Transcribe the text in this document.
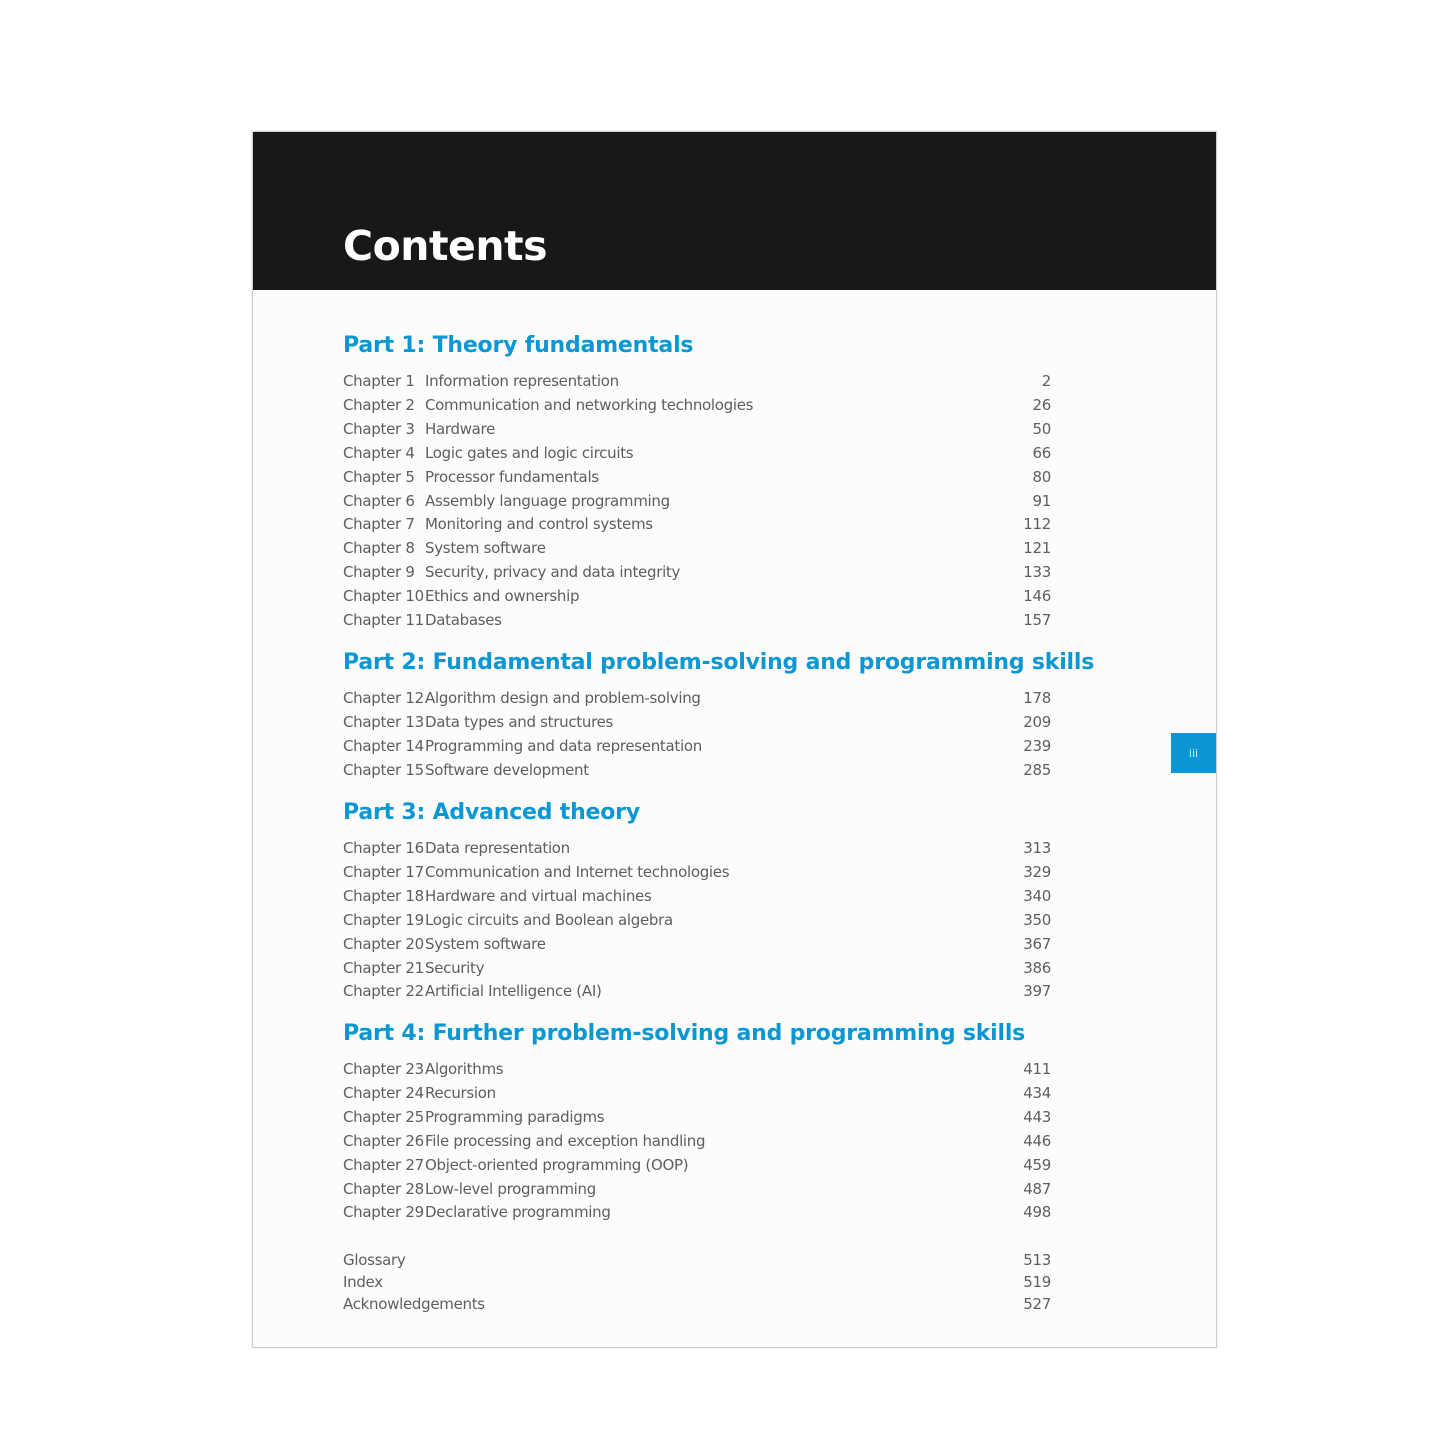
Contents
iii
Part 1: Theory fundamentals
Chapter 1 Information representation	2
Chapter 2 Communication and networking technologies	26
Chapter 3 Hardware	50
Chapter 4 Logic gates and logic circuits	66
Chapter 5 Processor fundamentals	80
Chapter 6 Assembly language programming	91
Chapter 7 Monitoring and control systems	112
Chapter 8 System software	121
Chapter 9 Security, privacy and data integrity	133
Chapter 10 Ethics and ownership	146
Chapter 11 Databases	157
Part 2: Fundamental problem-solving and programming skills
Chapter 12 Algorithm design and problem-solving	178
Chapter 13 Data types and structures	209
Chapter 14 Programming and data representation	239
Chapter 15 Software development	285
Part 3: Advanced theory
Chapter 16 Data representation	313
Chapter 17 Communication and Internet technologies	329
Chapter 18 Hardware and virtual machines	340
Chapter 19 Logic circuits and Boolean algebra	350
Chapter 20 System software	367
Chapter 21 Security	386
Chapter 22 Artificial Intelligence (AI)	397
Part 4: Further problem-solving and programming skills
Chapter 23 Algorithms	411
Chapter 24 Recursion	434
Chapter 25 Programming paradigms	443
Chapter 26 File processing and exception handling	446
Chapter 27 Object-oriented programming (OOP)	459
Chapter 28 Low-level programming	487
Chapter 29 Declarative programming	498
Glossary	513
Index	519
Acknowledgements	527
